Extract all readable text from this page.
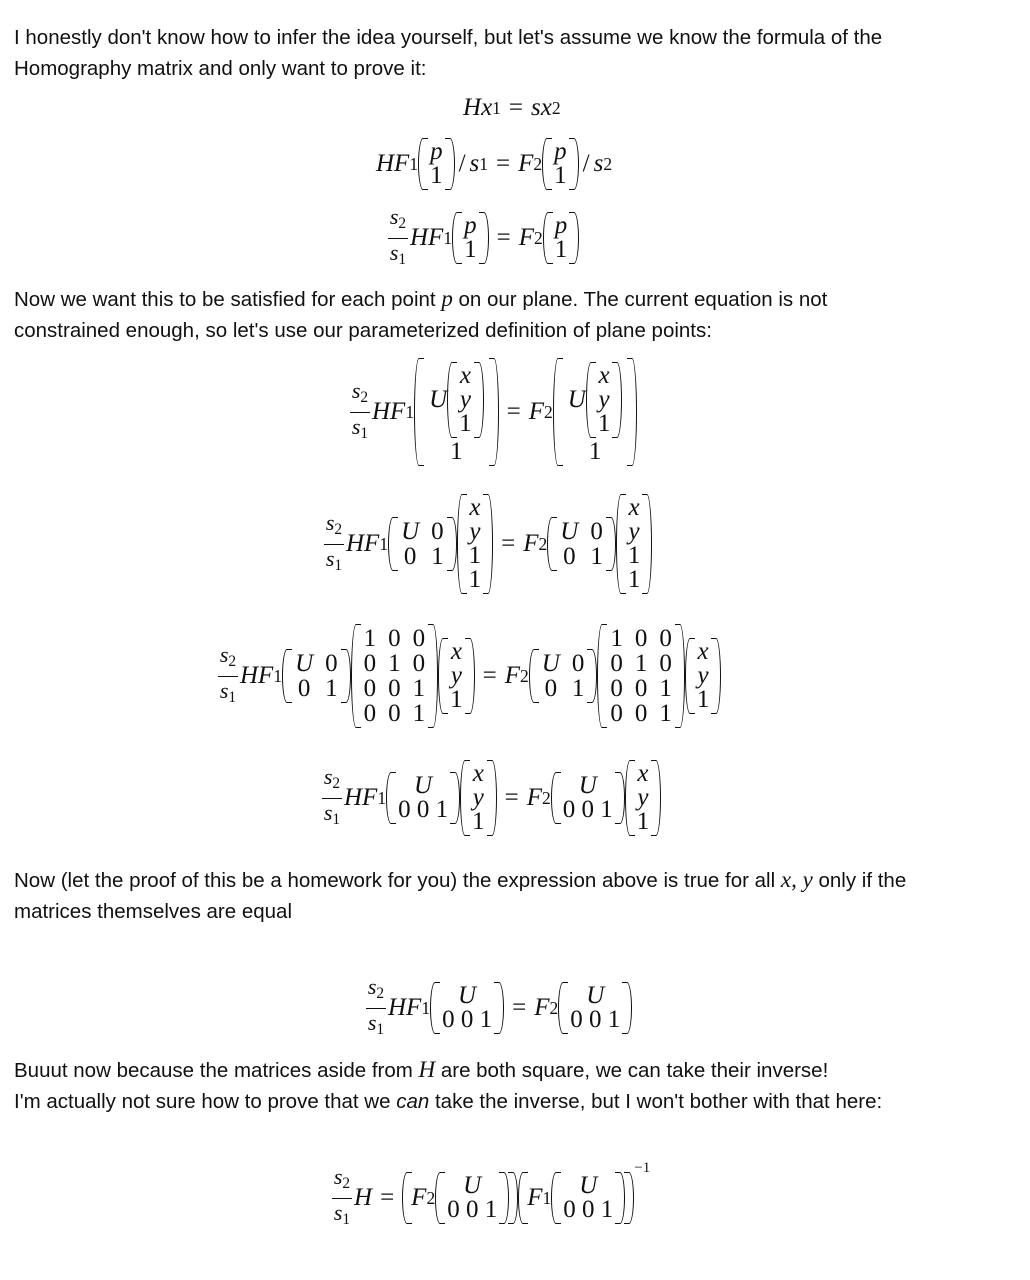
I honestly don't know how to infer the idea yourself, but let's assume we know the formula of the
Homography matrix and only want to prove it:
H x 1 = s x 2
HF 1 p
1 / s 1 = F 2 p
1 / s 2
$\frac{s_2}{s_1}$ HF 1 p
1 = F 2 p
1
Now we want this to be satisfied for each point p on our plane. The current equation is not
constrained enough, so let's use our parameterized definition of plane points:
$\frac{s_2}{s_1}$ HF 1 U
x
y
1
1
= F 2 U
x
y
1
1
$\frac{s_2}{s_1}$ HF 1 U 0
0 1
x
y
1
1
= F 2 U 0
0 1
x
y
1
1
$\frac{s_2}{s_1}$ HF 1 U 0
0 1
1 0 0
0 1 0
0 0 1
0 0 1
x
y
1
= F 2 U 0
0 1
1 0 0
0 1 0
0 0 1
0 0 1
x
y
1
$\frac{s_2}{s_1}$ HF 1 U
0 0 1
x
y
1
= F 2 U
0 0 1
x
y
1
Now (let the proof of this be a homework for you) the expression above is true for all x, y only if the
matrices themselves are equal
$\frac{s_2}{s_1}$ HF 1 U
0 0 1 = F 2 U
0 0 1
Buuut now because the matrices aside from H are both square, we can take their inverse!
I'm actually not sure how to prove that we can take the inverse, but I won't bother with that here:
$\frac{s_2}{s_1}$ H = F 2 U
0 0 1 F 1 U
0 0 1
$^{-1}$
